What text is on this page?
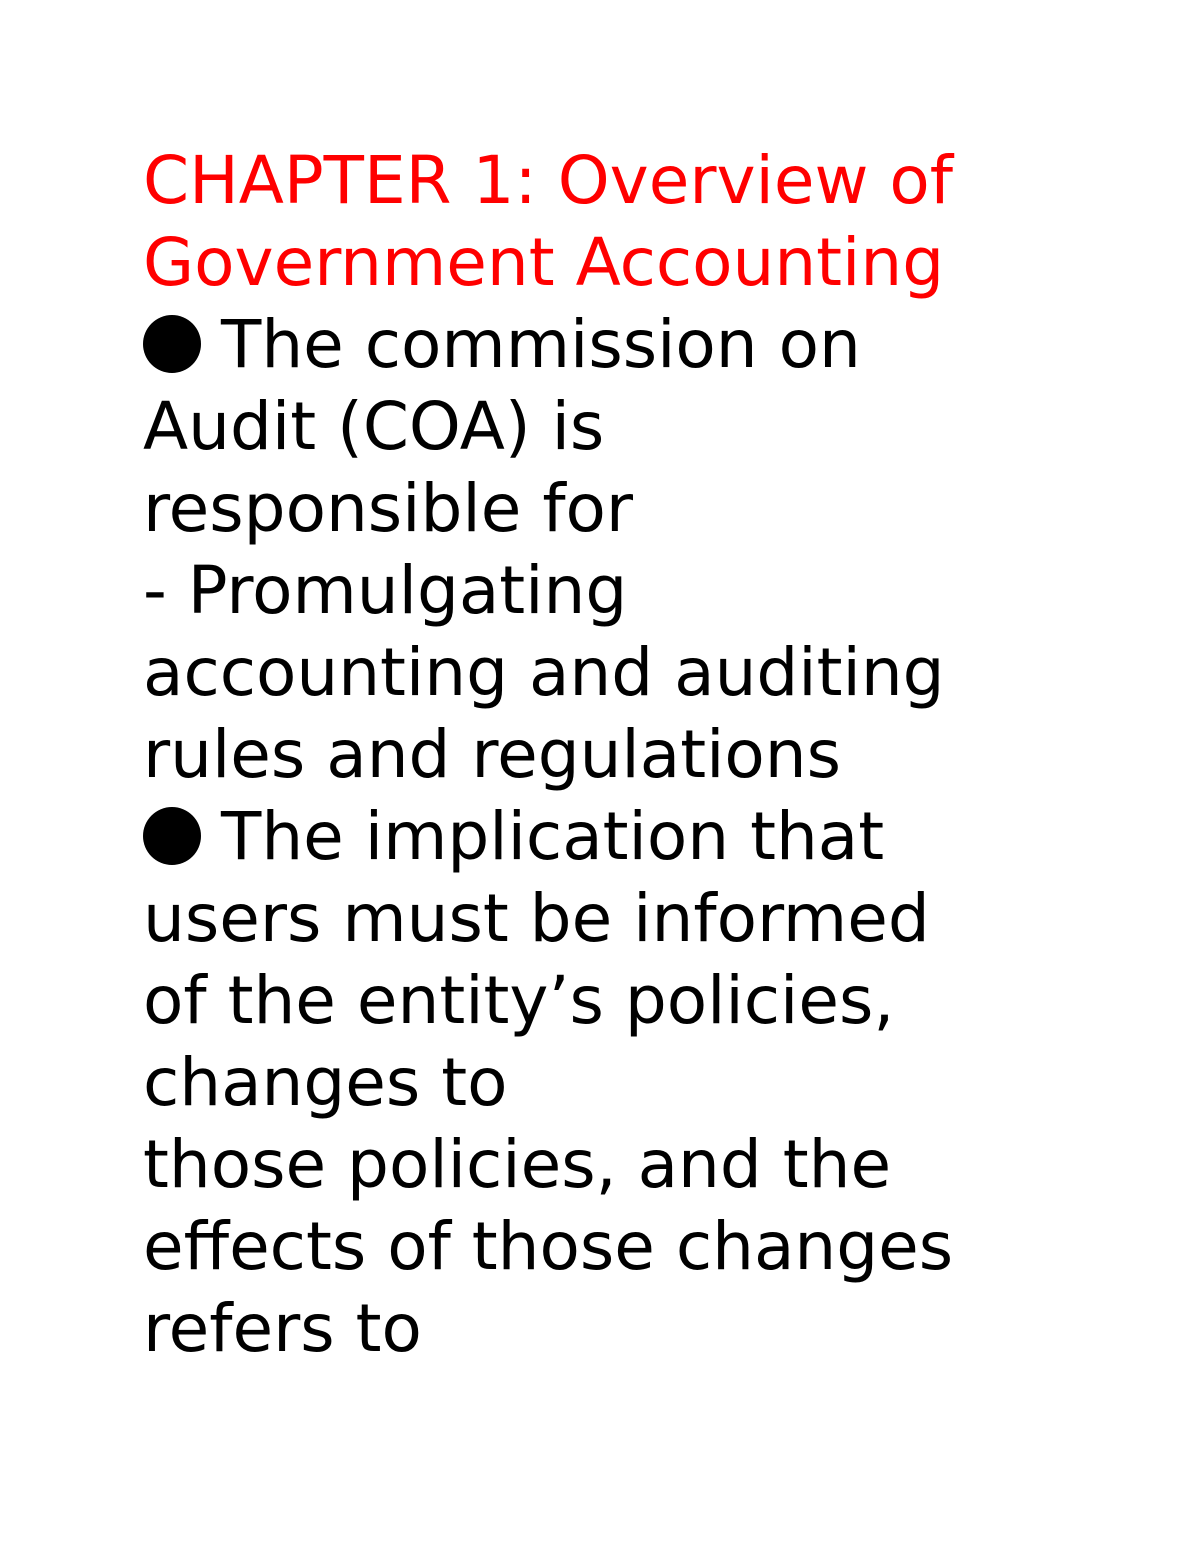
CHAPTER 1: Overview of
Government Accounting
The commission on
Audit (COA) is
responsible for
- Promulgating
accounting and auditing
rules and regulations
The implication that
users must be informed
of the entity’s policies,
changes to
those policies, and the
effects of those changes
refers to
